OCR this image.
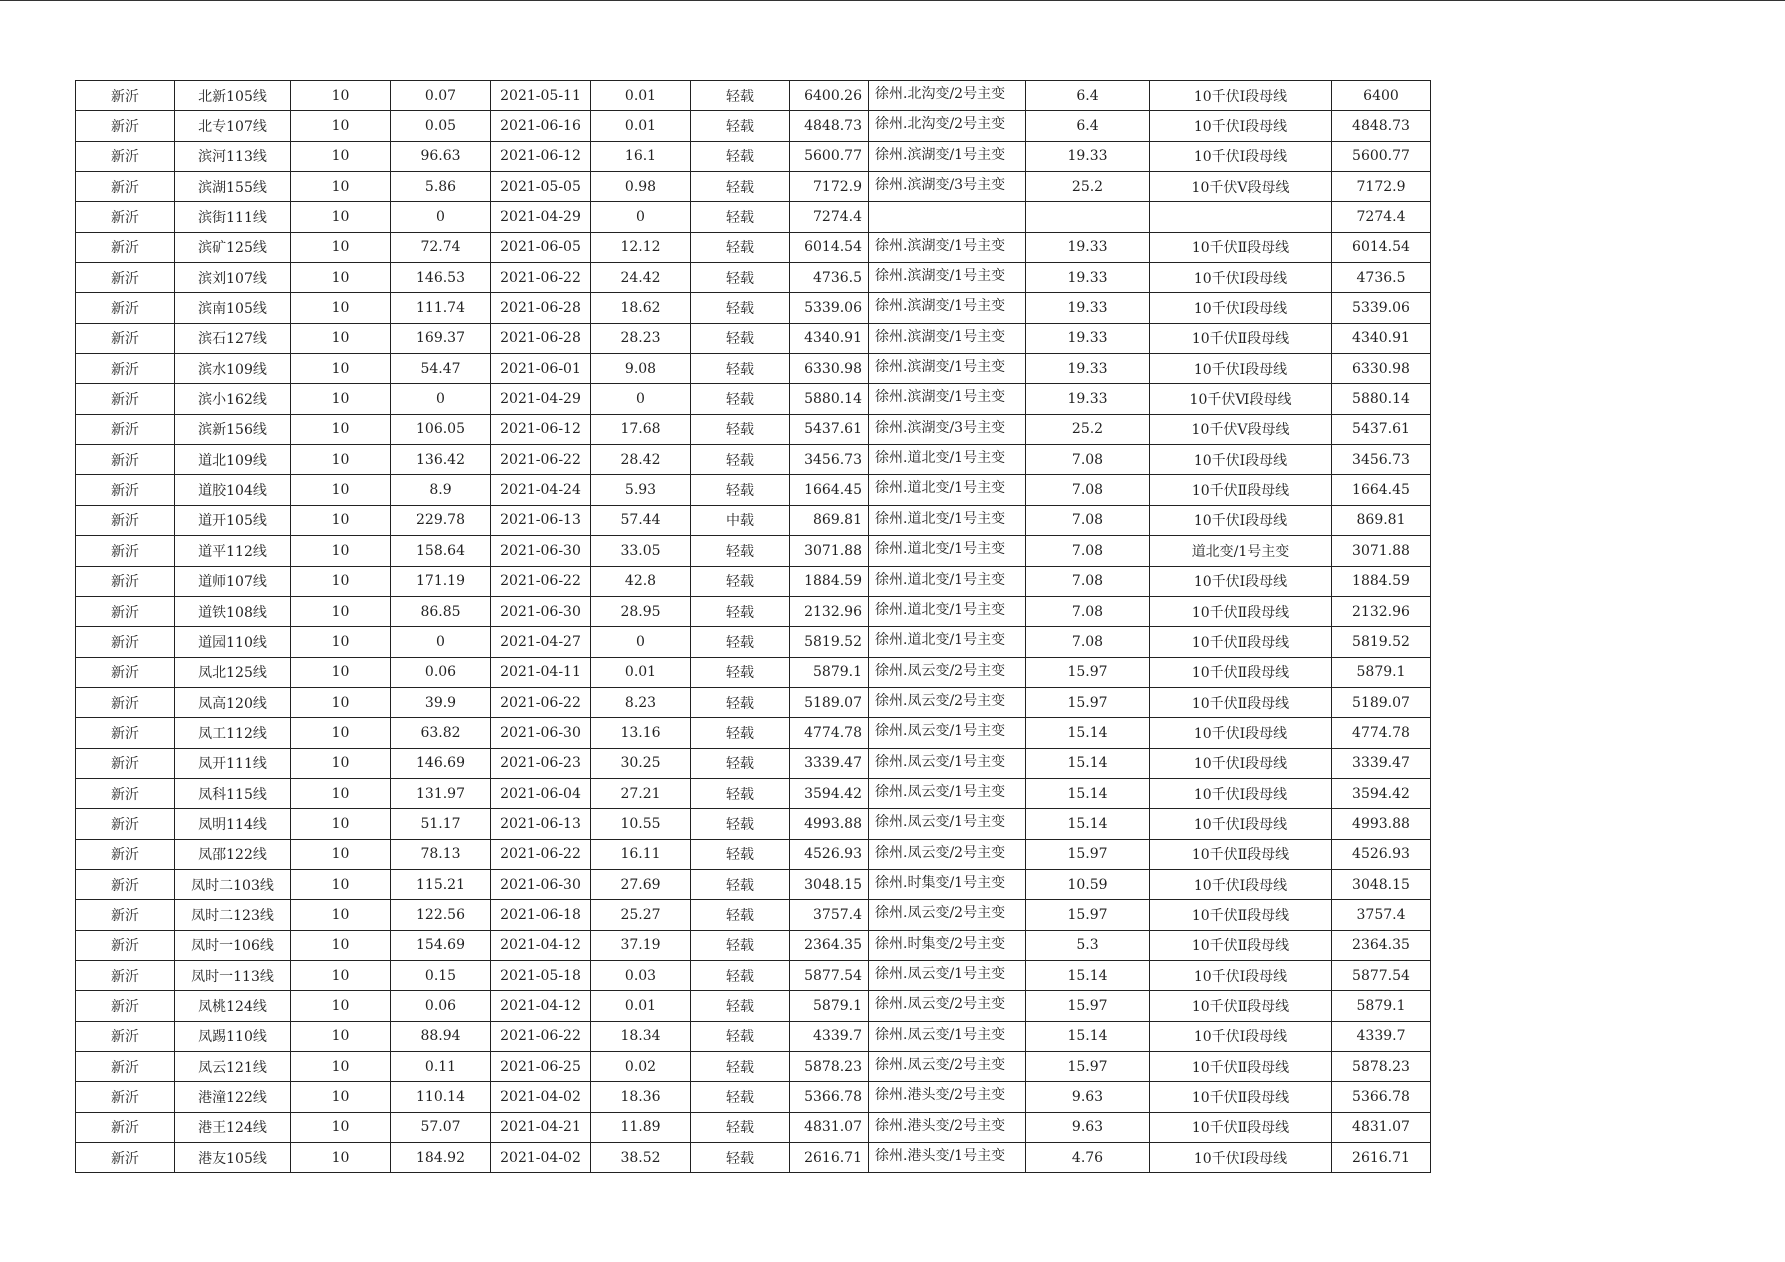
新沂	北新105线	10	0.07	2021-05-11	0.01	轻载	6400.26	徐州.北沟变/2号主变	6.4	10千伏Ⅰ段母线	6400
新沂	北专107线	10	0.05	2021-06-16	0.01	轻载	4848.73	徐州.北沟变/2号主变	6.4	10千伏Ⅰ段母线	4848.73
新沂	滨河113线	10	96.63	2021-06-12	16.1	轻载	5600.77	徐州.滨湖变/1号主变	19.33	10千伏Ⅰ段母线	5600.77
新沂	滨湖155线	10	5.86	2021-05-05	0.98	轻载	7172.9	徐州.滨湖变/3号主变	25.2	10千伏Ⅴ段母线	7172.9
新沂	滨街111线	10	0	2021-04-29	0	轻载	7274.4				7274.4
新沂	滨矿125线	10	72.74	2021-06-05	12.12	轻载	6014.54	徐州.滨湖变/1号主变	19.33	10千伏Ⅱ段母线	6014.54
新沂	滨刘107线	10	146.53	2021-06-22	24.42	轻载	4736.5	徐州.滨湖变/1号主变	19.33	10千伏Ⅰ段母线	4736.5
新沂	滨南105线	10	111.74	2021-06-28	18.62	轻载	5339.06	徐州.滨湖变/1号主变	19.33	10千伏Ⅰ段母线	5339.06
新沂	滨石127线	10	169.37	2021-06-28	28.23	轻载	4340.91	徐州.滨湖变/1号主变	19.33	10千伏Ⅱ段母线	4340.91
新沂	滨水109线	10	54.47	2021-06-01	9.08	轻载	6330.98	徐州.滨湖变/1号主变	19.33	10千伏Ⅰ段母线	6330.98
新沂	滨小162线	10	0	2021-04-29	0	轻载	5880.14	徐州.滨湖变/1号主变	19.33	10千伏Ⅵ段母线	5880.14
新沂	滨新156线	10	106.05	2021-06-12	17.68	轻载	5437.61	徐州.滨湖变/3号主变	25.2	10千伏Ⅴ段母线	5437.61
新沂	道北109线	10	136.42	2021-06-22	28.42	轻载	3456.73	徐州.道北变/1号主变	7.08	10千伏Ⅰ段母线	3456.73
新沂	道胶104线	10	8.9	2021-04-24	5.93	轻载	1664.45	徐州.道北变/1号主变	7.08	10千伏Ⅱ段母线	1664.45
新沂	道开105线	10	229.78	2021-06-13	57.44	中载	869.81	徐州.道北变/1号主变	7.08	10千伏Ⅰ段母线	869.81
新沂	道平112线	10	158.64	2021-06-30	33.05	轻载	3071.88	徐州.道北变/1号主变	7.08	道北变/1号主变	3071.88
新沂	道师107线	10	171.19	2021-06-22	42.8	轻载	1884.59	徐州.道北变/1号主变	7.08	10千伏Ⅰ段母线	1884.59
新沂	道铁108线	10	86.85	2021-06-30	28.95	轻载	2132.96	徐州.道北变/1号主变	7.08	10千伏Ⅱ段母线	2132.96
新沂	道园110线	10	0	2021-04-27	0	轻载	5819.52	徐州.道北变/1号主变	7.08	10千伏Ⅱ段母线	5819.52
新沂	凤北125线	10	0.06	2021-04-11	0.01	轻载	5879.1	徐州.凤云变/2号主变	15.97	10千伏Ⅱ段母线	5879.1
新沂	凤高120线	10	39.9	2021-06-22	8.23	轻载	5189.07	徐州.凤云变/2号主变	15.97	10千伏Ⅱ段母线	5189.07
新沂	凤工112线	10	63.82	2021-06-30	13.16	轻载	4774.78	徐州.凤云变/1号主变	15.14	10千伏Ⅰ段母线	4774.78
新沂	凤开111线	10	146.69	2021-06-23	30.25	轻载	3339.47	徐州.凤云变/1号主变	15.14	10千伏Ⅰ段母线	3339.47
新沂	凤科115线	10	131.97	2021-06-04	27.21	轻载	3594.42	徐州.凤云变/1号主变	15.14	10千伏Ⅰ段母线	3594.42
新沂	凤明114线	10	51.17	2021-06-13	10.55	轻载	4993.88	徐州.凤云变/1号主变	15.14	10千伏Ⅰ段母线	4993.88
新沂	凤邵122线	10	78.13	2021-06-22	16.11	轻载	4526.93	徐州.凤云变/2号主变	15.97	10千伏Ⅱ段母线	4526.93
新沂	凤时二103线	10	115.21	2021-06-30	27.69	轻载	3048.15	徐州.时集变/1号主变	10.59	10千伏Ⅰ段母线	3048.15
新沂	凤时二123线	10	122.56	2021-06-18	25.27	轻载	3757.4	徐州.凤云变/2号主变	15.97	10千伏Ⅱ段母线	3757.4
新沂	凤时一106线	10	154.69	2021-04-12	37.19	轻载	2364.35	徐州.时集变/2号主变	5.3	10千伏Ⅱ段母线	2364.35
新沂	凤时一113线	10	0.15	2021-05-18	0.03	轻载	5877.54	徐州.凤云变/1号主变	15.14	10千伏Ⅰ段母线	5877.54
新沂	凤桃124线	10	0.06	2021-04-12	0.01	轻载	5879.1	徐州.凤云变/2号主变	15.97	10千伏Ⅱ段母线	5879.1
新沂	凤踢110线	10	88.94	2021-06-22	18.34	轻载	4339.7	徐州.凤云变/1号主变	15.14	10千伏Ⅰ段母线	4339.7
新沂	凤云121线	10	0.11	2021-06-25	0.02	轻载	5878.23	徐州.凤云变/2号主变	15.97	10千伏Ⅱ段母线	5878.23
新沂	港潼122线	10	110.14	2021-04-02	18.36	轻载	5366.78	徐州.港头变/2号主变	9.63	10千伏Ⅱ段母线	5366.78
新沂	港王124线	10	57.07	2021-04-21	11.89	轻载	4831.07	徐州.港头变/2号主变	9.63	10千伏Ⅱ段母线	4831.07
新沂	港友105线	10	184.92	2021-04-02	38.52	轻载	2616.71	徐州.港头变/1号主变	4.76	10千伏Ⅰ段母线	2616.71
